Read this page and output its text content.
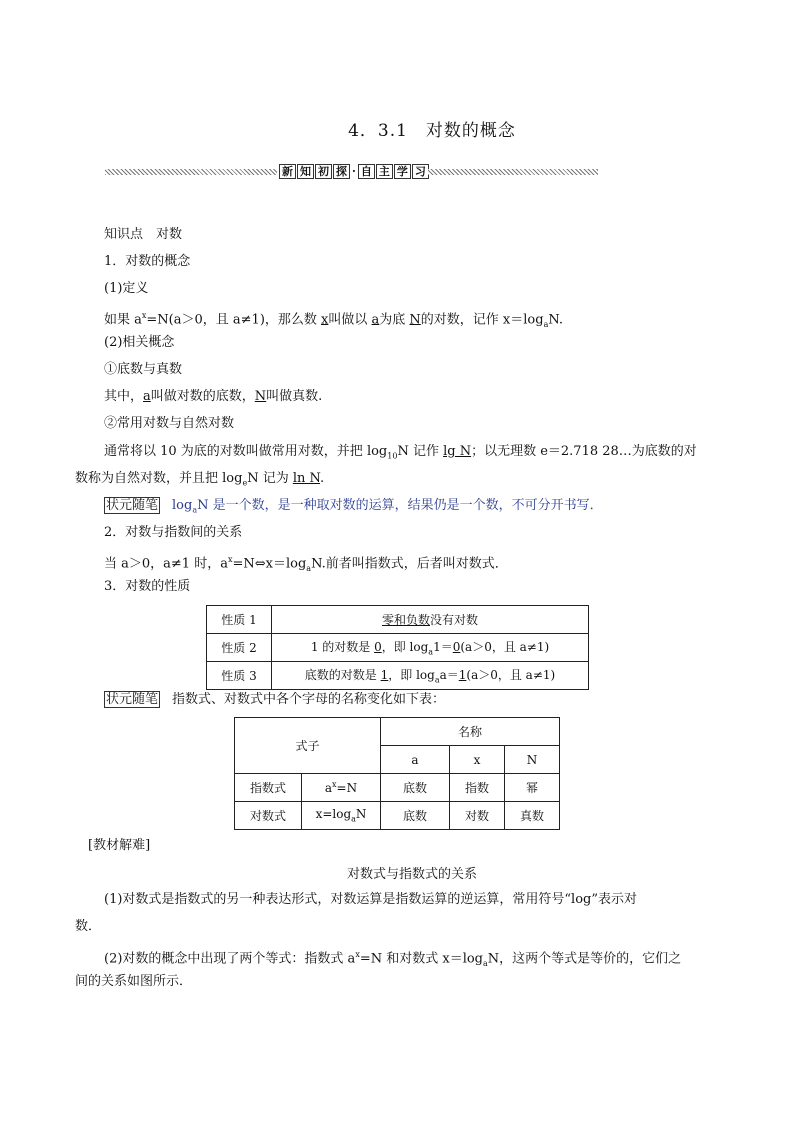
4．3.1　对数的概念
新 知 初 探 · 自 主 学 习
知识点　对数
1．对数的概念
(1)定义
如果 $a^x=N(a>0$，且 a≠1)，那么数 x叫做以 a为底 N的对数，记作 $x=\log_aN$.
(2)相关概念
①底数与真数
其中，a叫做对数的底数，N叫做真数.
②常用对数与自然对数
通常将以 10 为底的对数叫做常用对数，并把 $\log_{10}N$ 记作 lg N；以无理数 e＝2.718 28…为底数的对
数称为自然对数，并且把 $\log_eN$ 记为 ln N.
状元随笔 $\log_aN$ 是一个数，是一种取对数的运算，结果仍是一个数，不可分开书写．
2．对数与指数间的关系
当 a＞0，a≠1 时，$a^x=N\Leftrightarrow x=\log_aN$.前者叫指数式，后者叫对数式．
3．对数的性质
性质 1	零和负数没有对数
性质 2	1 的对数是 0，即 $\log_a1=0(a>0$，且 a≠1)
性质 3	底数的对数是 1，即 $\log_aa=1(a>0$，且 a≠1)
状元随笔 指数式、对数式中各个字母的名称变化如下表：
式子		名称		
		a	x	N
指数式	$a^x=N$	底数	指数	幂
对数式	$x=\log_aN$	底数	对数	真数
[教材解难]
对数式与指数式的关系
(1)对数式是指数式的另一种表达形式，对数运算是指数运算的逆运算，常用符号“log”表示对
数．
(2)对数的概念中出现了两个等式：指数式 $a^x=N$ 和对数式 $x=\log_aN$，这两个等式是等价的，它们之
间的关系如图所示．
